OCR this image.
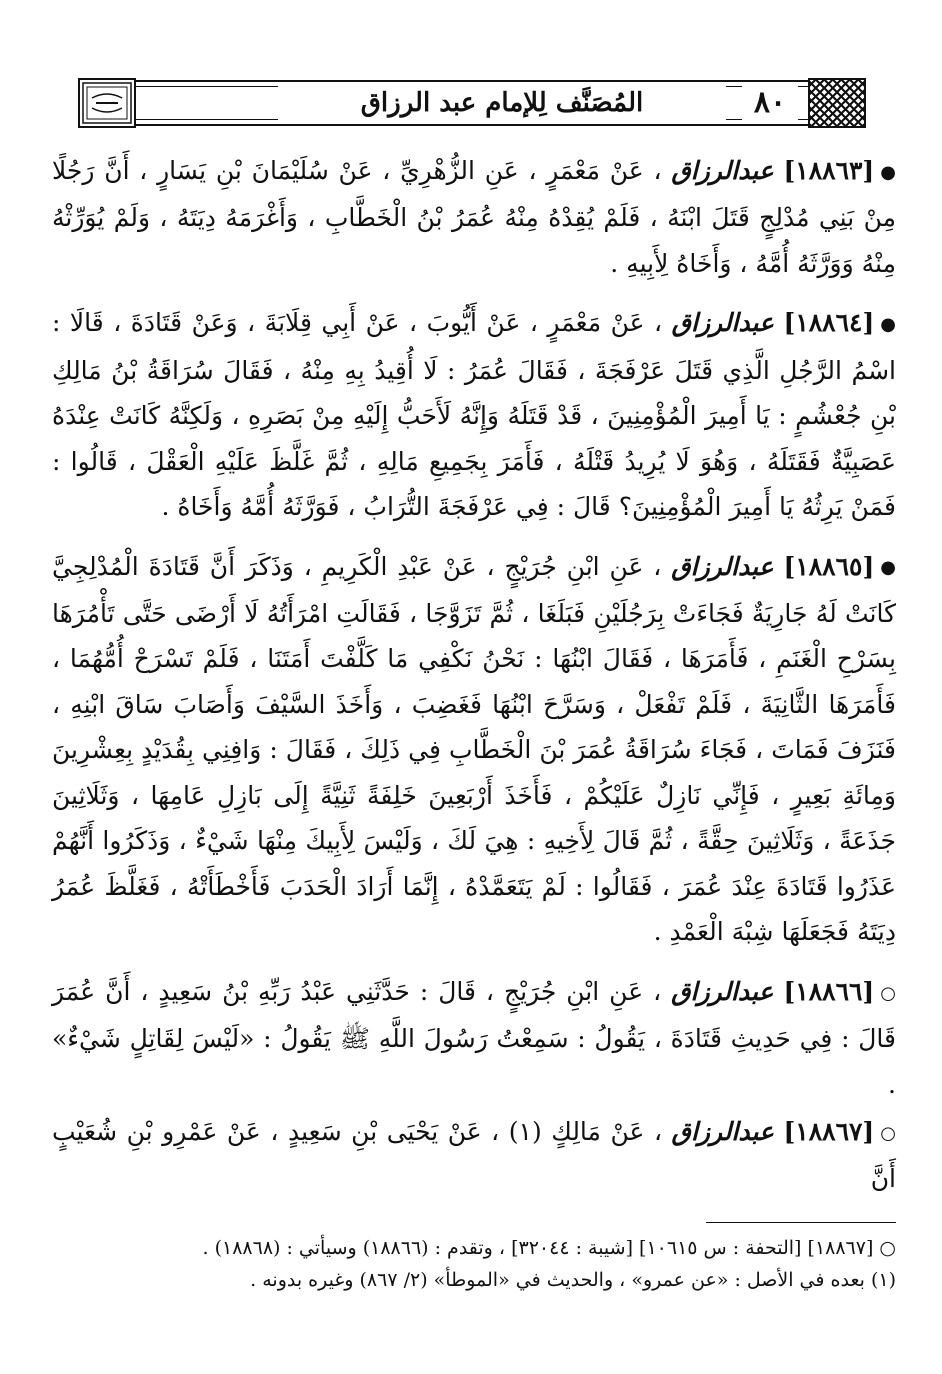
٨٠
المُصَنَّف لِلإمام عبد الرزاق

●[١٨٨٦٣] عبدالرزاق ، عَنْ مَعْمَرٍ ، عَنِ الزُّهْرِيِّ ، عَنْ سُلَيْمَانَ بْنِ يَسَارٍ ، أَنَّ رَجُلًا مِنْ بَنِي مُدْلِجٍ قَتَلَ ابْنَهُ ، فَلَمْ يُقِدْهُ مِنْهُ عُمَرُ بْنُ الْخَطَّابِ ، وَأَغْرَمَهُ دِيَتَهُ ، وَلَمْ يُوَرِّثْهُ مِنْهُ وَوَرَّثَهُ أُمَّهُ ، وَأَخَاهُ لِأَبِيهِ .

●[١٨٨٦٤] عبدالرزاق ، عَنْ مَعْمَرٍ ، عَنْ أَيُّوبَ ، عَنْ أَبِي قِلَابَةَ ، وَعَنْ قَتَادَةَ ، قَالَا : اسْمُ الرَّجُلِ الَّذِي قَتَلَ عَرْفَجَةَ ، فَقَالَ عُمَرُ : لَا أُقِيدُ بِهِ مِنْهُ ، فَقَالَ سُرَاقَةُ بْنُ مَالِكِ بْنِ جُعْشُمٍ : يَا أَمِيرَ الْمُؤْمِنِينَ ، قَدْ قَتَلَهُ وَإِنَّهُ لَأَحَبُّ إِلَيْهِ مِنْ بَصَرِهِ ، وَلَكِنَّهُ كَانَتْ عِنْدَهُ عَصَبِيَّةٌ فَقَتَلَهُ ، وَهُوَ لَا يُرِيدُ قَتْلَهُ ، فَأَمَرَ بِجَمِيعِ مَالِهِ ، ثُمَّ غَلَّظَ عَلَيْهِ الْعَقْلَ ، قَالُوا : فَمَنْ يَرِثُهُ يَا أَمِيرَ الْمُؤْمِنِينَ؟ قَالَ : فِي عَرْفَجَةَ التُّرَابُ ، فَوَرَّثَهُ أُمَّهُ وَأَخَاهُ .

●[١٨٨٦٥] عبدالرزاق ، عَنِ ابْنِ جُرَيْجٍ ، عَنْ عَبْدِ الْكَرِيمِ ، وَذَكَرَ أَنَّ قَتَادَةَ الْمُدْلِجِيَّ كَانَتْ لَهُ جَارِيَةٌ فَجَاءَتْ بِرَجُلَيْنِ فَبَلَغَا ، ثُمَّ تَزَوَّجَا ، فَقَالَتِ امْرَأَتُهُ لَا أَرْضَى حَتَّى تَأْمُرَهَا بِسَرْحِ الْغَنَمِ ، فَأَمَرَهَا ، فَقَالَ ابْنُهَا : نَحْنُ نَكْفِي مَا كَلَّفْتَ أَمَتَنَا ، فَلَمْ تَسْرَحْ أُمُّهُمَا ، فَأَمَرَهَا الثَّانِيَةَ ، فَلَمْ تَفْعَلْ ، وَسَرَّحَ ابْنُهَا فَغَضِبَ ، وَأَخَذَ السَّيْفَ وَأَصَابَ سَاقَ ابْنِهِ ، فَنَزَفَ فَمَاتَ ، فَجَاءَ سُرَاقَةُ عُمَرَ بْنَ الْخَطَّابِ فِي ذَلِكَ ، فَقَالَ : وَافِنِي بِقُدَيْدٍ بِعِشْرِينَ وَمِائَةِ بَعِيرٍ ، فَإِنِّي نَازِلٌ عَلَيْكُمْ ، فَأَخَذَ أَرْبَعِينَ خَلِفَةً ثَنِيَّةً إِلَى بَازِلِ عَامِهَا ، وَثَلَاثِينَ جَذَعَةً ، وَثَلَاثِينَ حِقَّةً ، ثُمَّ قَالَ لِأَخِيهِ : هِيَ لَكَ ، وَلَيْسَ لِأَبِيكَ مِنْهَا شَيْءٌ ، وَذَكَرُوا أَنَّهُمْ عَذَرُوا قَتَادَةَ عِنْدَ عُمَرَ ، فَقَالُوا : لَمْ يَتَعَمَّدْهُ ، إِنَّمَا أَرَادَ الْحَدَبَ فَأَخْطَأَتْهُ ، فَغَلَّظَ عُمَرُ دِيَتَهُ فَجَعَلَهَا شِبْهَ الْعَمْدِ .

○[١٨٨٦٦] عبدالرزاق ، عَنِ ابْنِ جُرَيْجٍ ، قَالَ : حَدَّثَنِي عَبْدُ رَبِّهِ بْنُ سَعِيدٍ ، أَنَّ عُمَرَ قَالَ : فِي حَدِيثِ قَتَادَةَ ، يَقُولُ : سَمِعْتُ رَسُولَ اللَّهِ ﷺ يَقُولُ : «لَيْسَ لِقَاتِلٍ شَيْءٌ» .

○[١٨٨٦٧] عبدالرزاق ، عَنْ مَالِكٍ (١) ، عَنْ يَحْيَى بْنِ سَعِيدٍ ، عَنْ عَمْرِو بْنِ شُعَيْبٍ أَنَّ

○ [١٨٨٦٧] [التحفة : س ١٠٦١٥] [شيبة : ٣٢٠٤٤] ، وتقدم : (١٨٨٦٦) وسيأتي : (١٨٨٦٨) .

(١) بعده في الأصل : «عن عمرو» ، والحديث في «الموطأ» (٢/ ٨٦٧) وغيره بدونه .
